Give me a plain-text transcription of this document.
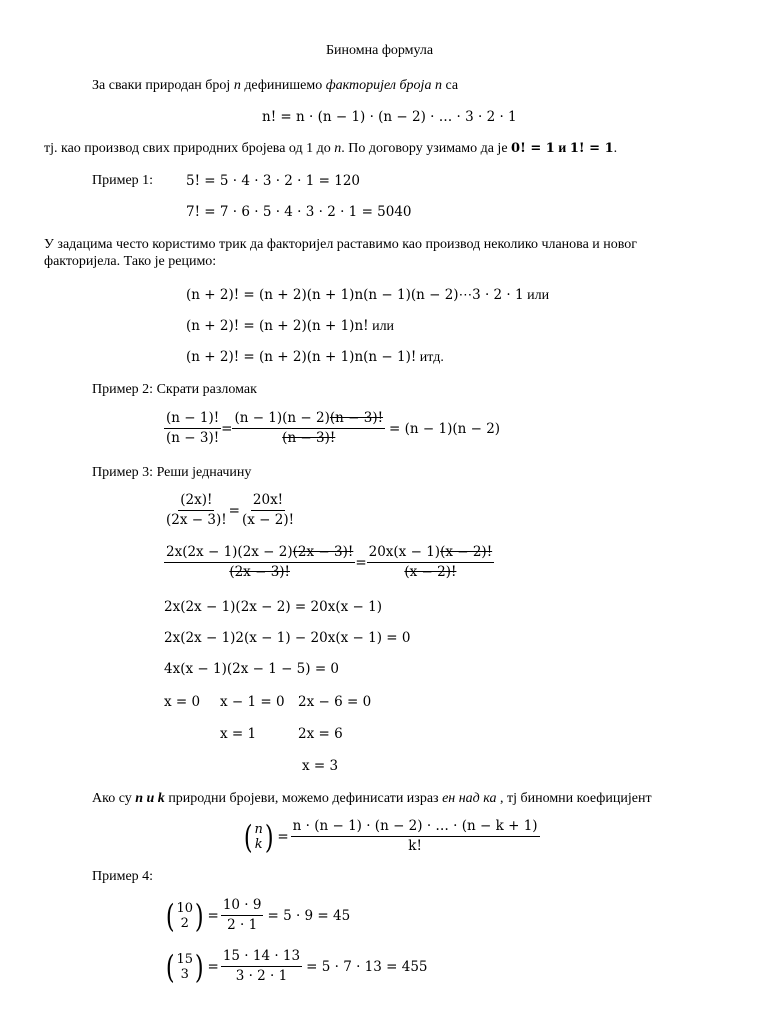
Биномна формула
За сваки природан број n дефинишемо факторијел броја n са
n! = n · (n − 1) · (n − 2) · … · 3 · 2 · 1
тј. као производ свих природних бројева од 1 до n. По договору узимамо да је 0! = 1 и 1! = 1.
Пример 1: 5! = 5 · 4 · 3 · 2 · 1 = 120
7! = 7 · 6 · 5 · 4 · 3 · 2 · 1 = 5040
У задацима често користимо трик да факторијел раставимо као производ неколико чланова и новог
факторијела. Тако је рецимо:
(n + 2)! = (n + 2)(n + 1)n(n − 1)(n − 2)⋯3 · 2 · 1 или
(n + 2)! = (n + 2)(n + 1)n! или
(n + 2)! = (n + 2)(n + 1)n(n − 1)! итд.
Пример 2: Скрати разломак
$\frac{(n - 1)!}{(n - 3)!} = \frac{(n - 1)(n - 2)(n - 3)!}{(n - 3)!} = (n - 1)(n - 2)$
Пример 3: Реши једначину
$\frac{(2x)!}{(2x - 3)!} = \frac{20x!}{(x - 2)!}$
$\frac{2x(2x - 1)(2x - 2)(2x - 3)!}{(2x - 3)!} = \frac{20x(x - 1)(x - 2)!}{(x - 2)!}$
2x(2x − 1)(2x − 2) = 20x(x − 1)
2x(2x − 1)2(x − 1) − 20x(x − 1) = 0
4x(x − 1)(2x − 1 − 5) = 0
x = 0 x − 1 = 0 2x − 6 = 0
x = 1	2x = 6
x = 3
Ако су n и k природни бројеви, можемо дефинисати израз ен над ка , тј биномни коефицијент
( n
k ) = $\frac{n \cdot (n - 1) \cdot (n - 2) \cdot \dots \cdot (n - k + 1)}{k!}$
Пример 4:
( 10
2 ) = $\frac{10 \cdot 9}{2 \cdot 1} = 5 \cdot 9 = 45$
( 15
3 ) = $\frac{15 \cdot 14 \cdot 13}{3 \cdot 2 \cdot 1} = 5 \cdot 7 \cdot 13 = 455$
